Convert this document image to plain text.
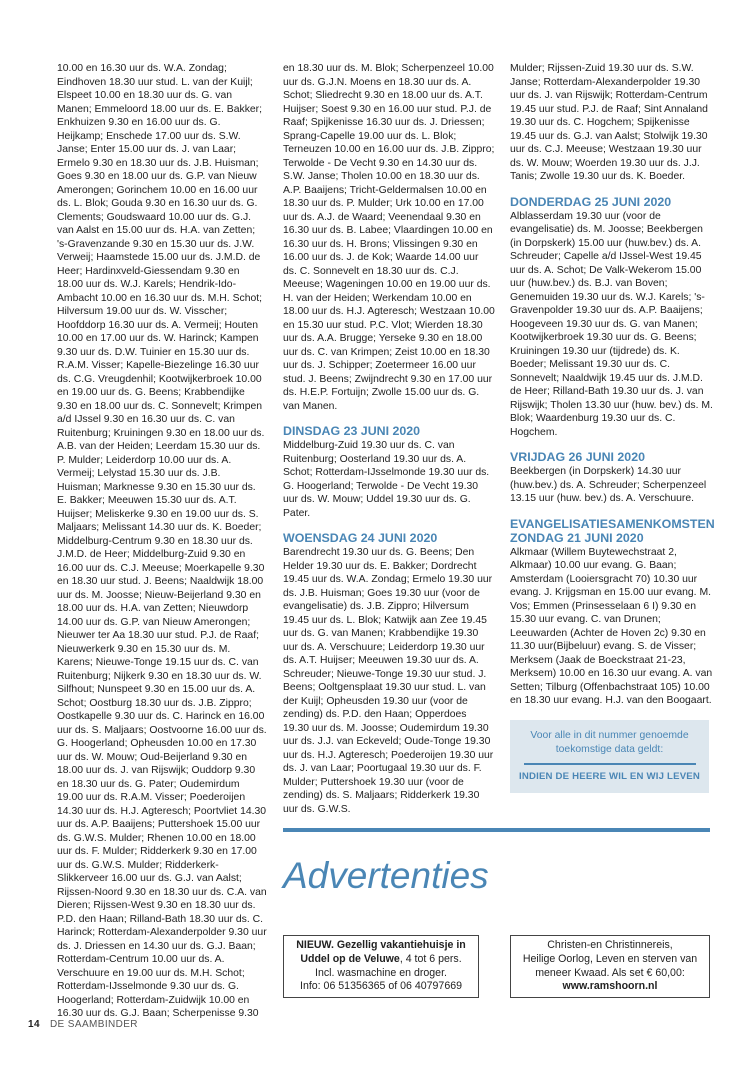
10.00 en 16.30 uur ds. W.A. Zondag; Eindhoven 18.30 uur stud. L. van der Kuijl; Elspeet 10.00 en 18.30 uur ds. G. van Manen; Emmeloord 18.00 uur ds. E. Bakker; Enkhuizen 9.30 en 16.00 uur ds. G. Heijkamp; Enschede 17.00 uur ds. S.W. Janse; Enter 15.00 uur ds. J. van Laar; Ermelo 9.30 en 18.30 uur ds. J.B. Huisman; Goes 9.30 en 18.00 uur ds. G.P. van Nieuw Amerongen; Gorinchem 10.00 en 16.00 uur ds. L. Blok; Gouda 9.30 en 16.30 uur ds. G. Clements; Goudswaard 10.00 uur ds. G.J. van Aalst en 15.00 uur ds. H.A. van Zetten; 's-Gravenzande 9.30 en 15.30 uur ds. J.W. Verweij; Haamstede 15.00 uur ds. J.M.D. de Heer; Hardinxveld-Giessendam 9.30 en 18.00 uur ds. W.J. Karels; Hendrik-Ido-Ambacht 10.00 en 16.30 uur ds. M.H. Schot; Hilversum 19.00 uur ds. W. Visscher; Hoofddorp 16.30 uur ds. A. Vermeij; Houten 10.00 en 17.00 uur ds. W. Harinck; Kampen 9.30 uur ds. D.W. Tuinier en 15.30 uur ds. R.A.M. Visser; Kapelle-Biezelinge 16.30 uur ds. C.G. Vreugdenhil; Kootwijkerbroek 10.00 en 19.00 uur ds. G. Beens; Krabbendijke 9.30 en 18.00 uur ds. C. Sonnevelt; Krimpen a/d IJssel 9.30 en 16.30 uur ds. C. van Ruitenburg; Kruiningen 9.30 en 18.00 uur ds. A.B. van der Heiden; Leerdam 15.30 uur ds. P. Mulder; Leiderdorp 10.00 uur ds. A. Vermeij; Lelystad 15.30 uur ds. J.B. Huisman; Marknesse 9.30 en 15.30 uur ds. E. Bakker; Meeuwen 15.30 uur ds. A.T. Huijser; Meliskerke 9.30 en 19.00 uur ds. S. Maljaars; Melissant 14.30 uur ds. K. Boeder; Middelburg-Centrum 9.30 en 18.30 uur ds. J.M.D. de Heer; Middelburg-Zuid 9.30 en 16.00 uur ds. C.J. Meeuse; Moerkapelle 9.30 en 18.30 uur stud. J. Beens; Naaldwijk 18.00 uur ds. M. Joosse; Nieuw-Beijerland 9.30 en 18.00 uur ds. H.A. van Zetten; Nieuwdorp 14.00 uur ds. G.P. van Nieuw Amerongen; Nieuwer ter Aa 18.30 uur stud. P.J. de Raaf; Nieuwerkerk 9.30 en 15.30 uur ds. M. Karens; Nieuwe-Tonge 19.15 uur ds. C. van Ruitenburg; Nijkerk 9.30 en 18.30 uur ds. W. Silfhout; Nunspeet 9.30 en 15.00 uur ds. A. Schot; Oostburg 18.30 uur ds. J.B. Zippro; Oostkapelle 9.30 uur ds. C. Harinck en 16.00 uur ds. S. Maljaars; Oostvoorne 16.00 uur ds. G. Hoogerland; Opheusden 10.00 en 17.30 uur ds. W. Mouw; Oud-Beijerland 9.30 en 18.00 uur ds. J. van Rijswijk; Ouddorp 9.30 en 18.30 uur ds. G. Pater; Oudemirdum 19.00 uur ds. R.A.M. Visser; Poederoijen 14.30 uur ds. H.J. Agteresch; Poortvliet 14.30 uur ds. A.P. Baaijens; Puttershoek 15.00 uur ds. G.W.S. Mulder; Rhenen 10.00 en 18.00 uur ds. F. Mulder; Ridderkerk 9.30 en 17.00 uur ds. G.W.S. Mulder; Ridderkerk-Slikkerveer 16.00 uur ds. G.J. van Aalst; Rijssen-Noord 9.30 en 18.30 uur ds. C.A. van Dieren; Rijssen-West 9.30 en 18.30 uur ds. P.D. den Haan; Rilland-Bath 18.30 uur ds. C. Harinck; Rotterdam-Alexanderpolder 9.30 uur ds. J. Driessen en 14.30 uur ds. G.J. Baan; Rotterdam-Centrum 10.00 uur ds. A. Verschuure en 19.00 uur ds. M.H. Schot; Rotterdam-IJsselmonde 9.30 uur ds. G. Hoogerland; Rotterdam-Zuidwijk 10.00 en 16.30 uur ds. G.J. Baan; Scherpenisse 9.30

en 18.30 uur ds. M. Blok; Scherpenzeel 10.00 uur ds. G.J.N. Moens en 18.30 uur ds. A. Schot; Sliedrecht 9.30 en 18.00 uur ds. A.T. Huijser; Soest 9.30 en 16.00 uur stud. P.J. de Raaf; Spijkenisse 16.30 uur ds. J. Driessen; Sprang-Capelle 19.00 uur ds. L. Blok; Terneuzen 10.00 en 16.00 uur ds. J.B. Zippro; Terwolde - De Vecht 9.30 en 14.30 uur ds. S.W. Janse; Tholen 10.00 en 18.30 uur ds. A.P. Baaijens; Tricht-Geldermalsen 10.00 en 18.30 uur ds. P. Mulder; Urk 10.00 en 17.00 uur ds. A.J. de Waard; Veenendaal 9.30 en 16.30 uur ds. B. Labee; Vlaardingen 10.00 en 16.30 uur ds. H. Brons; Vlissingen 9.30 en 16.00 uur ds. J. de Kok; Waarde 14.00 uur ds. C. Sonnevelt en 18.30 uur ds. C.J. Meeuse; Wageningen 10.00 en 19.00 uur ds. H. van der Heiden; Werkendam 10.00 en 18.00 uur ds. H.J. Agteresch; Westzaan 10.00 en 15.30 uur stud. P.C. Vlot; Wierden 18.30 uur ds. A.A. Brugge; Yerseke 9.30 en 18.00 uur ds. C. van Krimpen; Zeist 10.00 en 18.30 uur ds. J. Schipper; Zoetermeer 16.00 uur stud. J. Beens; Zwijndrecht 9.30 en 17.00 uur ds. H.E.P. Fortuijn; Zwolle 15.00 uur ds. G. van Manen.

DINSDAG 23 JUNI 2020

Middelburg-Zuid 19.30 uur ds. C. van Ruitenburg; Oosterland 19.30 uur ds. A. Schot; Rotterdam-IJsselmonde 19.30 uur ds. G. Hoogerland; Terwolde - De Vecht 19.30 uur ds. W. Mouw; Uddel 19.30 uur ds. G. Pater.

WOENSDAG 24 JUNI 2020

Barendrecht 19.30 uur ds. G. Beens; Den Helder 19.30 uur ds. E. Bakker; Dordrecht 19.45 uur ds. W.A. Zondag; Ermelo 19.30 uur ds. J.B. Huisman; Goes 19.30 uur (voor de evangelisatie) ds. J.B. Zippro; Hilversum 19.45 uur ds. L. Blok; Katwijk aan Zee 19.45 uur ds. G. van Manen; Krabbendijke 19.30 uur ds. A. Verschuure; Leiderdorp 19.30 uur ds. A.T. Huijser; Meeuwen 19.30 uur ds. A. Schreuder; Nieuwe-Tonge 19.30 uur stud. J. Beens; Ooltgensplaat 19.30 uur stud. L. van der Kuijl; Opheusden 19.30 uur (voor de zending) ds. P.D. den Haan; Opperdoes 19.30 uur ds. M. Joosse; Oudemirdum 19.30 uur ds. J.J. van Eckeveld; Oude-Tonge 19.30 uur ds. H.J. Agteresch; Poederoijen 19.30 uur ds. J. van Laar; Poortugaal 19.30 uur ds. F. Mulder; Puttershoek 19.30 uur (voor de zending) ds. S. Maljaars; Ridderkerk 19.30 uur ds. G.W.S.

Mulder; Rijssen-Zuid 19.30 uur ds. S.W. Janse; Rotterdam-Alexanderpolder 19.30 uur ds. J. van Rijswijk; Rotterdam-Centrum 19.45 uur stud. P.J. de Raaf; Sint Annaland 19.30 uur ds. C. Hogchem; Spijkenisse 19.45 uur ds. G.J. van Aalst; Stolwijk 19.30 uur ds. C.J. Meeuse; Westzaan 19.30 uur ds. W. Mouw; Woerden 19.30 uur ds. J.J. Tanis; Zwolle 19.30 uur ds. K. Boeder.

DONDERDAG 25 JUNI 2020

Alblasserdam 19.30 uur (voor de evangelisatie) ds. M. Joosse; Beekbergen (in Dorpskerk) 15.00 uur (huw.bev.) ds. A. Schreuder; Capelle a/d IJssel-West 19.45 uur ds. A. Schot; De Valk-Wekerom 15.00 uur (huw.bev.) ds. B.J. van Boven; Genemuiden 19.30 uur ds. W.J. Karels; 's-Gravenpolder 19.30 uur ds. A.P. Baaijens; Hoogeveen 19.30 uur ds. G. van Manen; Kootwijkerbroek 19.30 uur ds. G. Beens; Kruiningen 19.30 uur (tijdrede) ds. K. Boeder; Melissant 19.30 uur ds. C. Sonnevelt; Naaldwijk 19.45 uur ds. J.M.D. de Heer; Rilland-Bath 19.30 uur ds. J. van Rijswijk; Tholen 13.30 uur (huw. bev.) ds. M. Blok; Waardenburg 19.30 uur ds. C. Hogchem.

VRIJDAG 26 JUNI 2020

Beekbergen (in Dorpskerk) 14.30 uur (huw.bev.) ds. A. Schreuder; Scherpenzeel 13.15 uur (huw. bev.) ds. A. Verschuure.

EVANGELISATIESAMENKOMSTEN
ZONDAG 21 JUNI 2020

Alkmaar (Willem Buytewechstraat 2, Alkmaar) 10.00 uur evang. G. Baan; Amsterdam (Looiersgracht 70) 10.30 uur evang. J. Krijgsman en 15.00 uur evang. M. Vos; Emmen (Prinsesselaan 6 I) 9.30 en 15.30 uur evang. C. van Drunen; Leeuwarden (Achter de Hoven 2c) 9.30 en 11.30 uur(Bijbeluur) evang. S. de Visser; Merksem (Jaak de Boeckstraat 21-23, Merksem) 10.00 en 16.30 uur evang. A. van Setten; Tilburg (Offenbachstraat 105) 10.00 en 18.30 uur evang. H.J. van den Boogaart.

Voor alle in dit nummer genoemde toekomstige data geldt:
INDIEN DE HEERE WIL EN WIJ LEVEN
Advertenties
NIEUW. Gezellig vakantiehuisje in Uddel op de Veluwe, 4 tot 6 pers.
Incl. wasmachine en droger.
Info: 06 51356365 of 06 40797669
Christen-en Christinnereis,
Heilige Oorlog, Leven en sterven van meneer Kwaad. Als set € 60,00:
www.ramshoorn.nl
14 DE SAAMBINDER
